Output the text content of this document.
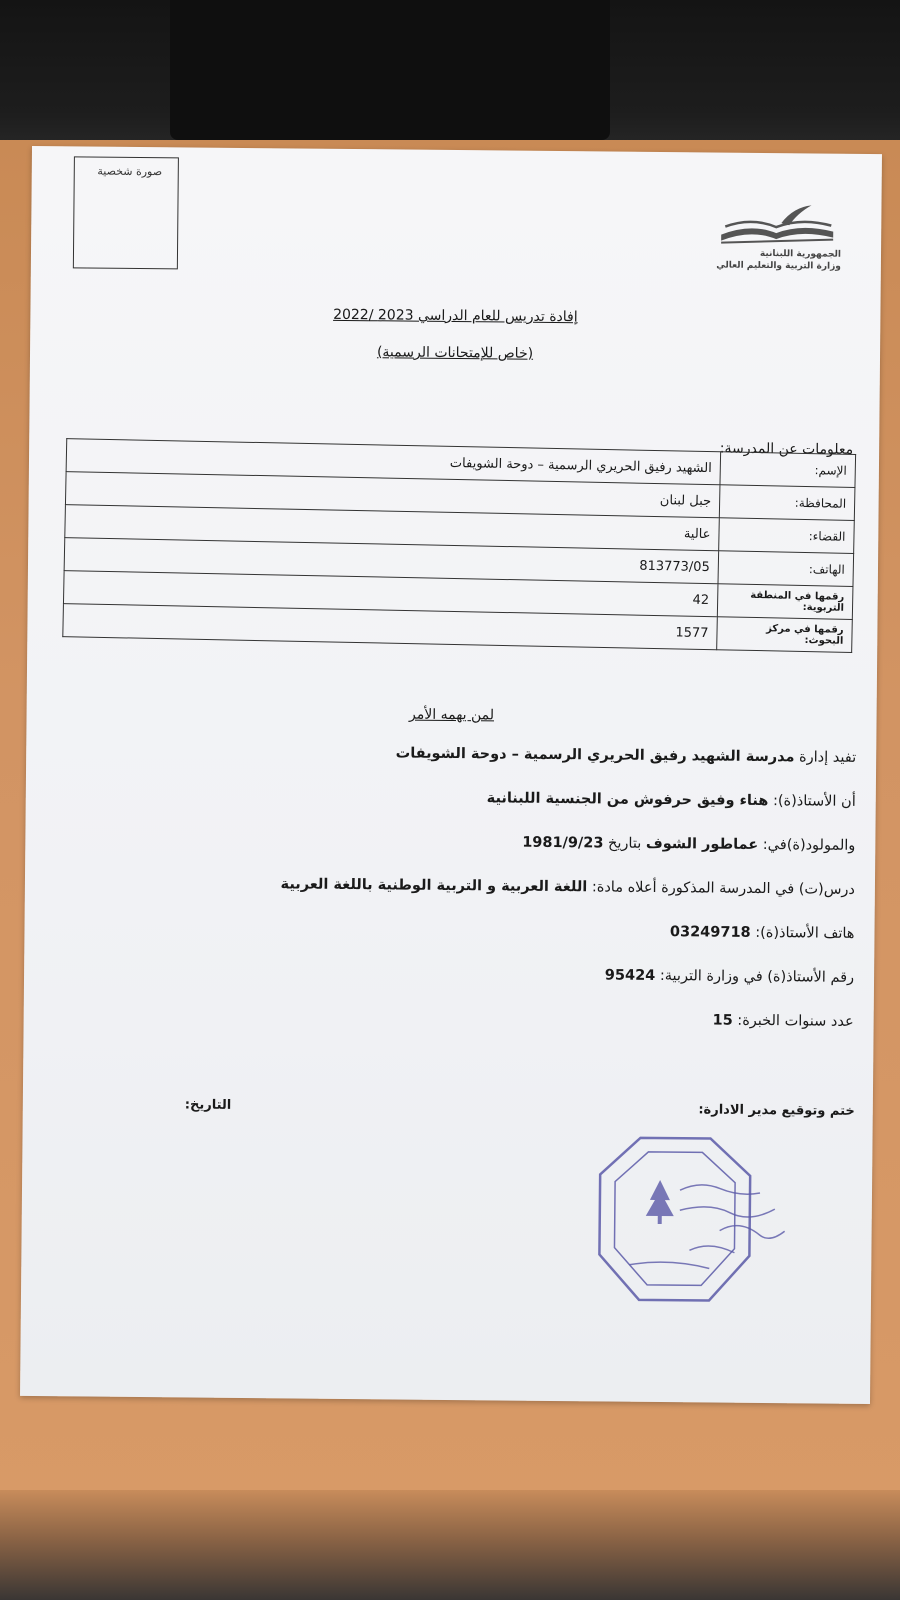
صورة شخصية
الجمهورية اللبنانية
وزارة التربية والتعليم العالي
إفادة تدريس للعام الدراسي 2023 /2022
(خاص للإمتحانات الرسمية)
معلومات عن المدرسة:
الإسم:	الشهيد رفيق الحريري الرسمية – دوحة الشويفات
المحافظة:	جبل لبنان
القضاء:	عالية
الهاتف:	813773/05
رقمها في المنطقة التربوية:	42
رقمها في مركز البحوث:	1577
لمن يهمه الأمر
تفيد إدارة مدرسة الشهيد رفيق الحريري الرسمية – دوحة الشويفات
أن الأستاذ(ة): هناء وفيق حرفوش من الجنسية اللبنانية
والمولود(ة)في: عماطور الشوف بتاريخ 1981/9/23
درس(ت) في المدرسة المذكورة أعلاه مادة: اللغة العربية و التربية الوطنية باللغة العربية
هاتف الأستاذ(ة): 03249718
رقم الأستاذ(ة) في وزارة التربية: 95424
عدد سنوات الخبرة: 15
ختم وتوقيع مدير الادارة:
التاريخ:
